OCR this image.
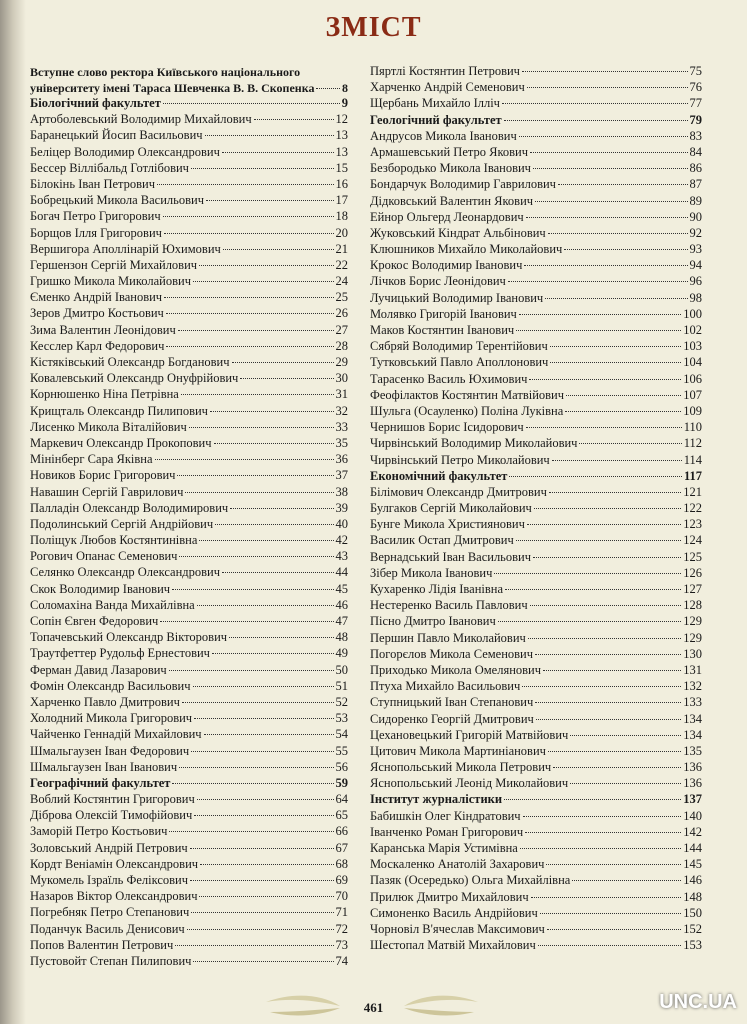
ЗМІСТ
Вступне слово ректора Київського національного
університету імені Тараса Шевченка В. В. Скопенка 8
Біологічний факультет	9
Артоболевський Володимир Михайлович	12
Баранецький Йосип Васильович	13
Беліцер Володимир Олександрович	13
Бессер Віллібальд Готлібович	15
Білокінь Іван Петрович	16
Бобрецький Микола Васильович	17
Богач Петро Григорович	18
Борщов Ілля Григорович	20
Вершигора Аполлінарій Юхимович	21
Гершензон Сергій Михайлович	22
Гришко Микола Миколайович	24
Єменко Андрій Іванович	25
Зеров Дмитро Костьович	26
Зима Валентин Леонідович	27
Кесслер Карл Федорович	28
Кістяківський Олександр Богданович	29
Ковалевський Олександр Онуфрійович	30
Корнюшенко Ніна Петрівна	31
Крищталь Олександр Пилипович	32
Лисенко Микола Віталійович	33
Маркевич Олександр Прокопович	35
Мінінберг Сара Яківна	36
Новиков Борис Григорович	37
Навашин Сергій Гаврилович	38
Палладін Олександр Володимирович	39
Подолинський Сергій Андрійович	40
Поліщук Любов Костянтинівна	42
Рогович Опанас Семенович	43
Селянко Олександр Олександрович	44
Скок Володимир Іванович	45
Соломахіна Ванда Михайлівна	46
Сопін Євген Федорович	47
Топачевський Олександр Вікторович	48
Траутфеттер Рудольф Ернестович	49
Ферман Давид Лазарович	50
Фомін Олександр Васильович	51
Харченко Павло Дмитрович	52
Холодний Микола Григорович	53
Чайченко Геннадій Михайлович	54
Шмальгаузен Іван Федорович	55
Шмальгаузен Іван Іванович	56
Географічний факультет	59
Воблий Костянтин Григорович	64
Діброва Олексій Тимофійович	65
Заморій Петро Костьович	66
Золовський Андрій Петрович	67
Кордт Веніамін Олександрович	68
Мукомель Ізраїль Феліксович	69
Назаров Віктор Олександрович	70
Погребняк Петро Степанович	71
Поданчук Василь Денисович	72
Попов Валентин Петрович	73
Пустовойт Степан Пилипович	74
Пяртлі Костянтин Петрович	75
Харченко Андрій Семенович	76
Щербань Михайло Ілліч	77
Геологічний факультет	79
Андрусов Микола Іванович	83
Армашевський Петро Якович	84
Безбородько Микола Іванович	86
Бондарчук Володимир Гаврилович	87
Дідковський Валентин Якович	89
Ейнор Ольгерд Леонардович	90
Жуковський Кіндрат Альбінович	92
Клюшников Михайло Миколайович	93
Крокос Володимир Іванович	94
Лічков Борис Леонідович	96
Лучицький Володимир Іванович	98
Молявко Григорій Іванович	100
Маков Костянтин Іванович	102
Сябряй Володимир Терентійович	103
Тутковський Павло Аполлонович	104
Тарасенко Василь Юхимович	106
Феофілактов Костянтин Матвійович	107
Шульга (Осауленко) Поліна Луківна	109
Чернишов Борис Ісидорович	110
Чирвінський Володимир Миколайович	112
Чирвінський Петро Миколайович	114
Економічний факультет	117
Білімович Олександр Дмитрович	121
Булгаков Сергій Миколайович	122
Бунге Микола Християнович	123
Василик Остап Дмитрович	124
Вернадський Іван Васильович	125
Зібер Микола Іванович	126
Кухаренко Лідія Іванівна	127
Нестеренко Василь Павлович	128
Пісно Дмитро Іванович	129
Першин Павло Миколайович	129
Погорєлов Микола Семенович	130
Приходько Микола Омелянович	131
Птуха Михайло Васильович	132
Ступницький Іван Степанович	133
Сидоренко Георгій Дмитрович	134
Цехановецький Григорій Матвійович	134
Цитович Микола Мартиніанович	135
Яснопольський Микола Петрович	136
Яснопольський Леонід Миколайович	136
Інститут журналістики	137
Бабишкін Олег Кіндратович	140
Іванченко Роман Григорович	142
Каранська Марія Устимівна	144
Москаленко Анатолій Захарович	145
Пазяк (Осередько) Ольга Михайлівна	146
Прилюк Дмитро Михайлович	148
Симоненко Василь Андрійович	150
Чорновіл В'ячеслав Максимович	152
Шестопал Матвій Михайлович	153
461	UNC.UA
